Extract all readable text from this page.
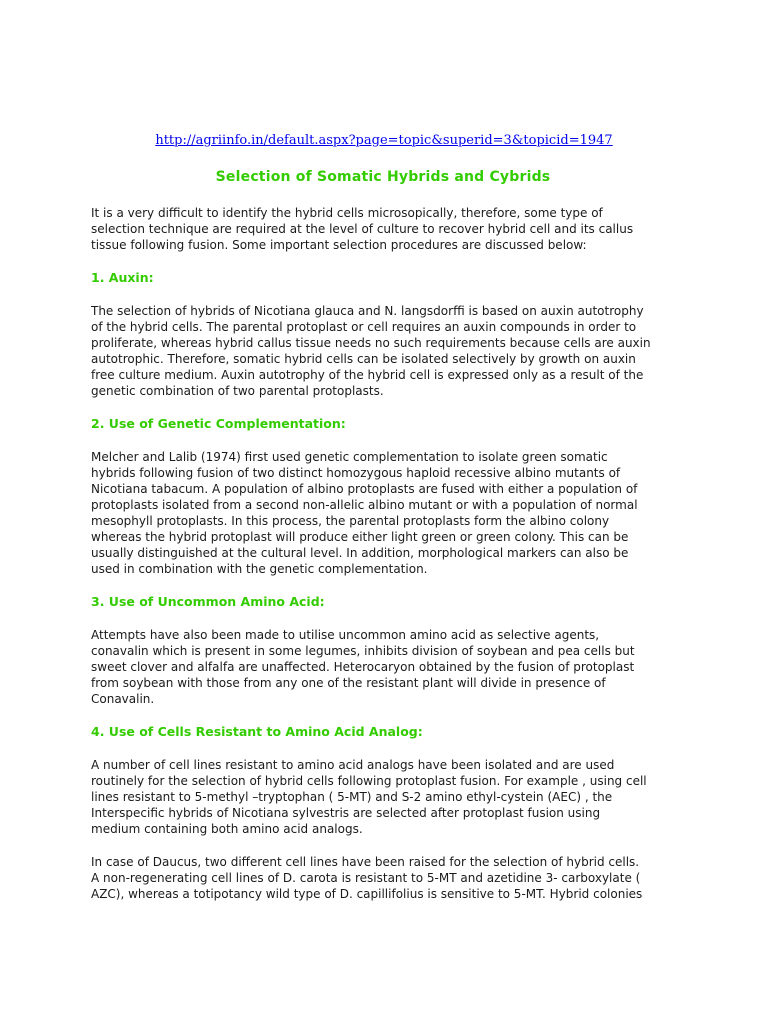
http://agriinfo.in/default.aspx?page=topic&superid=3&topicid=1947
Selection of Somatic Hybrids and Cybrids

It is a very difficult to identify the hybrid cells microsopically, therefore, some type of
selection technique are required at the level of culture to recover hybrid cell and its callus
tissue following fusion. Some important selection procedures are discussed below:

1. Auxin:

The selection of hybrids of Nicotiana glauca and N. langsdorffi is based on auxin autotrophy
of the hybrid cells. The parental protoplast or cell requires an auxin compounds in order to
proliferate, whereas hybrid callus tissue needs no such requirements because cells are auxin
autotrophic. Therefore, somatic hybrid cells can be isolated selectively by growth on auxin
free culture medium. Auxin autotrophy of the hybrid cell is expressed only as a result of the
genetic combination of two parental protoplasts.

2. Use of Genetic Complementation:

Melcher and Lalib (1974) first used genetic complementation to isolate green somatic
hybrids following fusion of two distinct homozygous haploid recessive albino mutants of
Nicotiana tabacum. A population of albino protoplasts are fused with either a population of
protoplasts isolated from a second non-allelic albino mutant or with a population of normal
mesophyll protoplasts. In this process, the parental protoplasts form the albino colony
whereas the hybrid protoplast will produce either light green or green colony. This can be
usually distinguished at the cultural level. In addition, morphological markers can also be
used in combination with the genetic complementation.

3. Use of Uncommon Amino Acid:

Attempts have also been made to utilise uncommon amino acid as selective agents,
conavalin which is present in some legumes, inhibits division of soybean and pea cells but
sweet clover and alfalfa are unaffected. Heterocaryon obtained by the fusion of protoplast
from soybean with those from any one of the resistant plant will divide in presence of
Conavalin.

4. Use of Cells Resistant to Amino Acid Analog:

A number of cell lines resistant to amino acid analogs have been isolated and are used
routinely for the selection of hybrid cells following protoplast fusion. For example , using cell
lines resistant to 5-methyl –tryptophan ( 5-MT) and S-2 amino ethyl-cystein (AEC) , the
Interspecific hybrids of Nicotiana sylvestris are selected after protoplast fusion using
medium containing both amino acid analogs.

In case of Daucus, two different cell lines have been raised for the selection of hybrid cells.
A non-regenerating cell lines of D. carota is resistant to 5-MT and azetidine 3- carboxylate (
AZC), whereas a totipotancy wild type of D. capillifolius is sensitive to 5-MT. Hybrid colonies
